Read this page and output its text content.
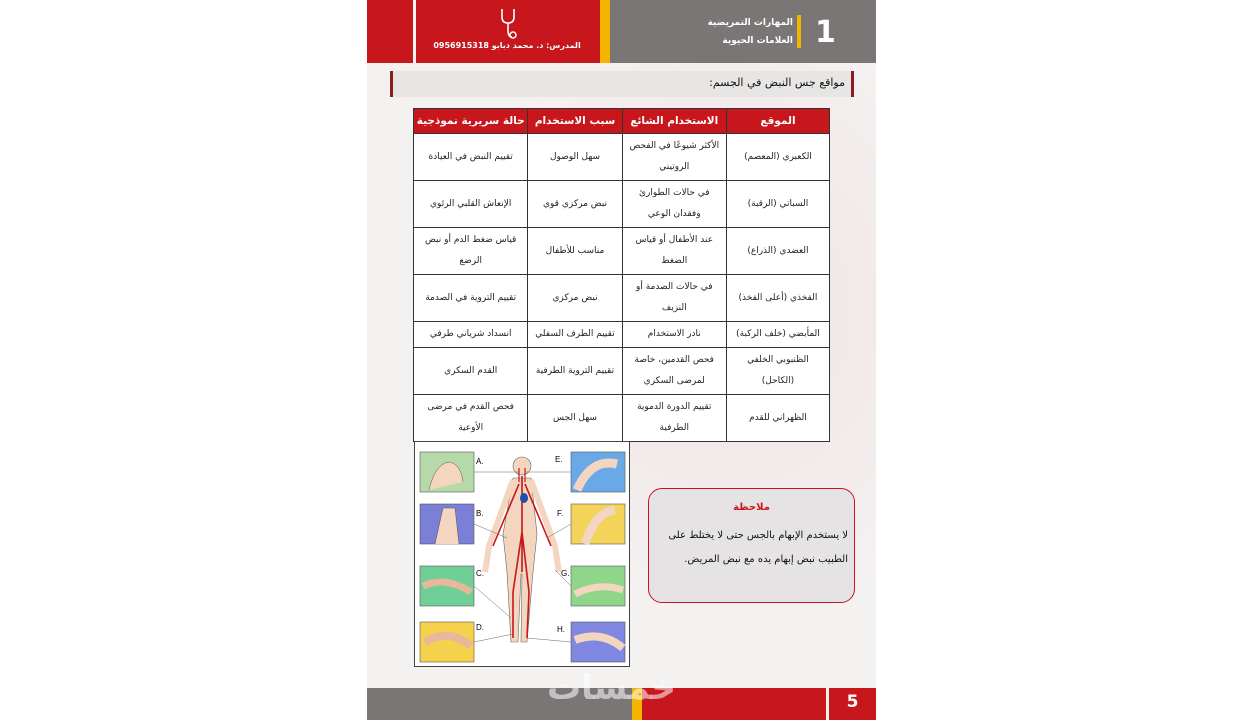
المدرس: د. محمد دبابو 0956915318
المهارات التمريضية
العلامات الحيوية 1
مواقع جس النبض في الجسم:
الموقع	الاستخدام الشائع	سبب الاستخدام	حالة سريرية نموذجية
الكعبري (المعصم)	الأكثر شيوعًا في الفحص الروتيني	سهل الوصول	تقييم النبض في العيادة
السباتي (الرقبة)	في حالات الطوارئ وفقدان الوعي	نبض مركزي قوي	الإنعاش القلبي الرئوي
العضدي (الذراع)	عند الأطفال أو قياس الضغط	مناسب للأطفال	قياس ضغط الدم أو نبض الرضع
الفخذي (أعلى الفخذ)	في حالات الصدمة أو النزيف	نبض مركزي	تقييم التروية في الصدمة
المأبضي (خلف الركبة)	نادر الاستخدام	تقييم الطرف السفلي	انسداد شرياني طرفي
الظنبوبي الخلفي (الكاحل)	فحص القدمين، خاصة لمرضى السكري	تقييم التروية الطرفية	القدم السكري
الظهراني للقدم	تقييم الدورة الدموية الطرفية	سهل الجس	فحص القدم في مرضى الأوعية
A.
B.
C.
D.
E.
F.
G.
H.
ملاحظة
لا يستخدم الإبهام بالجس حتى لا يختلط على الطبيب نبض إبهام يده مع نبض المريض.
5
خمسات
